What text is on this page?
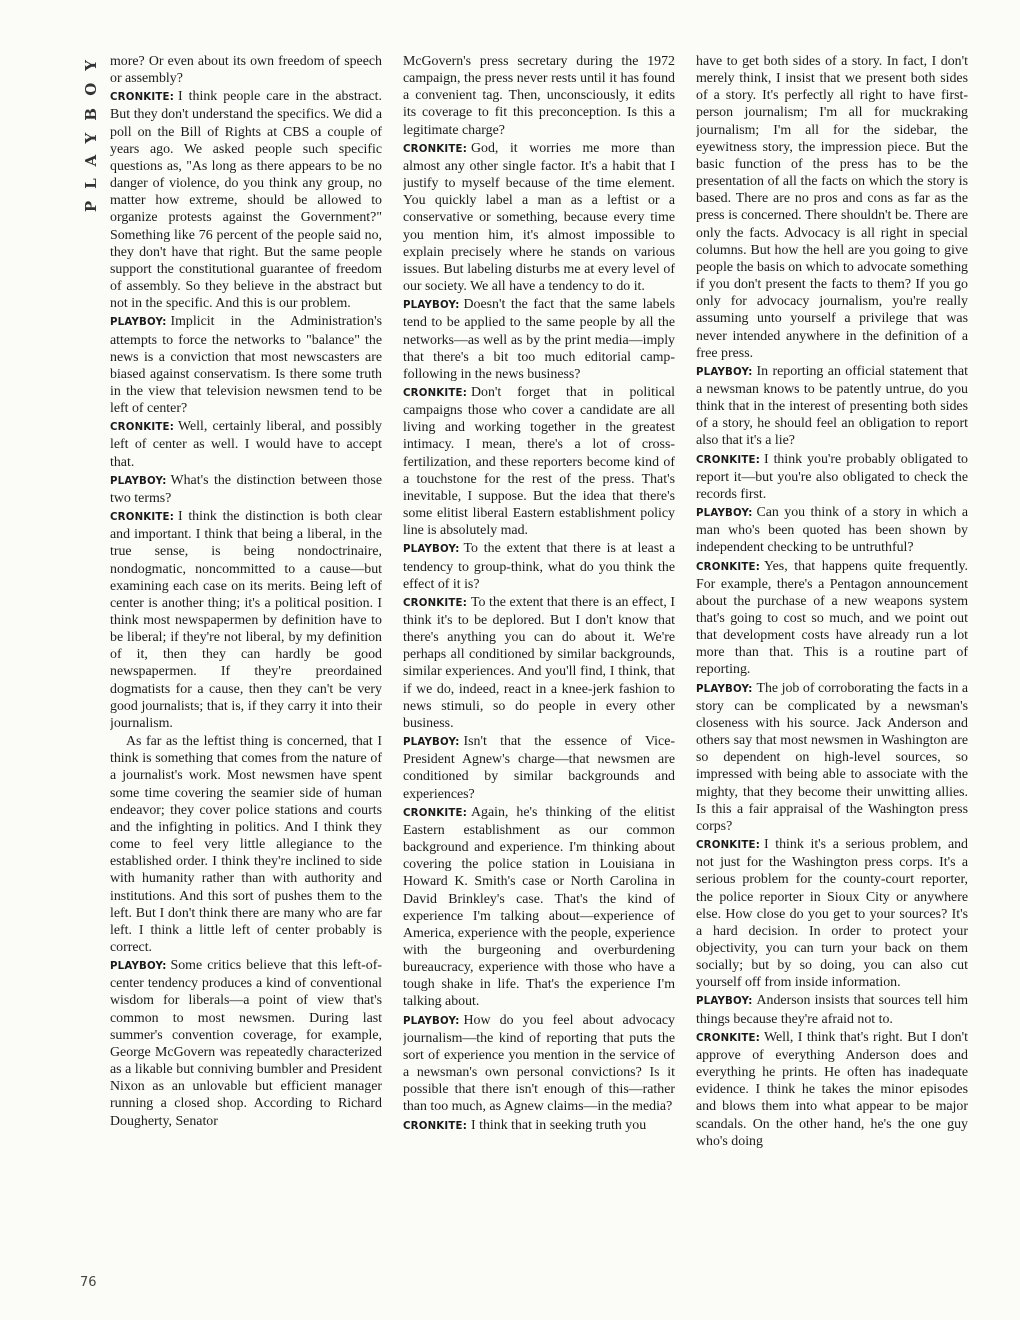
PLAYBOY
76

more? Or even about its own freedom of speech or assembly?

CRONKITE: I think people care in the abstract. But they don't understand the specifics. We did a poll on the Bill of Rights at CBS a couple of years ago. We asked people such specific questions as, "As long as there appears to be no danger of violence, do you think any group, no matter how extreme, should be allowed to organize protests against the Government?" Something like 76 percent of the people said no, they don't have that right. But the same people support the constitutional guarantee of freedom of assembly. So they believe in the abstract but not in the specific. And this is our problem.

PLAYBOY: Implicit in the Administration's attempts to force the networks to "balance" the news is a conviction that most newscasters are biased against conservatism. Is there some truth in the view that television newsmen tend to be left of center?

CRONKITE: Well, certainly liberal, and possibly left of center as well. I would have to accept that.

PLAYBOY: What's the distinction between those two terms?

CRONKITE: I think the distinction is both clear and important. I think that being a liberal, in the true sense, is being nondoctrinaire, nondogmatic, noncommitted to a cause—but examining each case on its merits. Being left of center is another thing; it's a political position. I think most newspapermen by definition have to be liberal; if they're not liberal, by my definition of it, then they can hardly be good newspapermen. If they're preordained dogmatists for a cause, then they can't be very good journalists; that is, if they carry it into their journalism.

As far as the leftist thing is concerned, that I think is something that comes from the nature of a journalist's work. Most newsmen have spent some time covering the seamier side of human endeavor; they cover police stations and courts and the infighting in politics. And I think they come to feel very little allegiance to the established order. I think they're inclined to side with humanity rather than with authority and institutions. And this sort of pushes them to the left. But I don't think there are many who are far left. I think a little left of center probably is correct.

PLAYBOY: Some critics believe that this left-of-center tendency produces a kind of conventional wisdom for liberals—a point of view that's common to most newsmen. During last summer's convention coverage, for example, George McGovern was repeatedly characterized as a likable but conniving bumbler and President Nixon as an unlovable but efficient manager running a closed shop. According to Richard Dougherty, Senator

McGovern's press secretary during the 1972 campaign, the press never rests until it has found a convenient tag. Then, unconsciously, it edits its coverage to fit this preconception. Is this a legitimate charge?

CRONKITE: God, it worries me more than almost any other single factor. It's a habit that I justify to myself because of the time element. You quickly label a man as a leftist or a conservative or something, because every time you mention him, it's almost impossible to explain precisely where he stands on various issues. But labeling disturbs me at every level of our society. We all have a tendency to do it.

PLAYBOY: Doesn't the fact that the same labels tend to be applied to the same people by all the networks—as well as by the print media—imply that there's a bit too much editorial camp-following in the news business?

CRONKITE: Don't forget that in political campaigns those who cover a candidate are all living and working together in the greatest intimacy. I mean, there's a lot of cross-fertilization, and these reporters become kind of a touchstone for the rest of the press. That's inevitable, I suppose. But the idea that there's some elitist liberal Eastern establishment policy line is absolutely mad.

PLAYBOY: To the extent that there is at least a tendency to group-think, what do you think the effect of it is?

CRONKITE: To the extent that there is an effect, I think it's to be deplored. But I don't know that there's anything you can do about it. We're perhaps all conditioned by similar backgrounds, similar experiences. And you'll find, I think, that if we do, indeed, react in a knee-jerk fashion to news stimuli, so do people in every other business.

PLAYBOY: Isn't that the essence of Vice-President Agnew's charge—that newsmen are conditioned by similar backgrounds and experiences?

CRONKITE: Again, he's thinking of the elitist Eastern establishment as our common background and experience. I'm thinking about covering the police station in Louisiana in Howard K. Smith's case or North Carolina in David Brinkley's case. That's the kind of experience I'm talking about—experience of America, experience with the people, experience with the burgeoning and overburdening bureaucracy, experience with those who have a tough shake in life. That's the experience I'm talking about.

PLAYBOY: How do you feel about advocacy journalism—the kind of reporting that puts the sort of experience you mention in the service of a newsman's own personal convictions? Is it possible that there isn't enough of this—rather than too much, as Agnew claims—in the media?

CRONKITE: I think that in seeking truth you

have to get both sides of a story. In fact, I don't merely think, I insist that we present both sides of a story. It's perfectly all right to have first-person journalism; I'm all for muckraking journalism; I'm all for the sidebar, the eyewitness story, the impression piece. But the basic function of the press has to be the presentation of all the facts on which the story is based. There are no pros and cons as far as the press is concerned. There shouldn't be. There are only the facts. Advocacy is all right in special columns. But how the hell are you going to give people the basis on which to advocate something if you don't present the facts to them? If you go only for advocacy journalism, you're really assuming unto yourself a privilege that was never intended anywhere in the definition of a free press.

PLAYBOY: In reporting an official statement that a newsman knows to be patently untrue, do you think that in the interest of presenting both sides of a story, he should feel an obligation to report also that it's a lie?

CRONKITE: I think you're probably obligated to report it—but you're also obligated to check the records first.

PLAYBOY: Can you think of a story in which a man who's been quoted has been shown by independent checking to be untruthful?

CRONKITE: Yes, that happens quite frequently. For example, there's a Pentagon announcement about the purchase of a new weapons system that's going to cost so much, and we point out that development costs have already run a lot more than that. This is a routine part of reporting.

PLAYBOY: The job of corroborating the facts in a story can be complicated by a newsman's closeness with his source. Jack Anderson and others say that most newsmen in Washington are so dependent on high-level sources, so impressed with being able to associate with the mighty, that they become their unwitting allies. Is this a fair appraisal of the Washington press corps?

CRONKITE: I think it's a serious problem, and not just for the Washington press corps. It's a serious problem for the county-court reporter, the police reporter in Sioux City or anywhere else. How close do you get to your sources? It's a hard decision. In order to protect your objectivity, you can turn your back on them socially; but by so doing, you can also cut yourself off from inside information.

PLAYBOY: Anderson insists that sources tell him things because they're afraid not to.

CRONKITE: Well, I think that's right. But I don't approve of everything Anderson does and everything he prints. He often has inadequate evidence. I think he takes the minor episodes and blows them into what appear to be major scandals. On the other hand, he's the one guy who's doing
